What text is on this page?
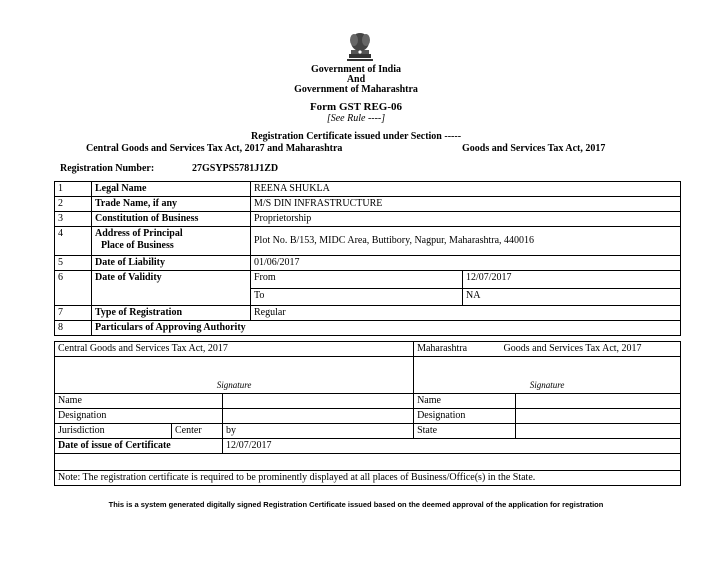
Government of India
And
Government of Maharashtra
Form GST REG-06
[See Rule ----]
Registration Certificate issued under Section -----
Central Goods and Services Tax Act, 2017 and Maharashtra	Goods and Services Tax Act, 2017
Registration Number:	27GSYPS5781J1ZD
1	Legal Name	REENA SHUKLA	
2	Trade Name, if any	M/S DIN INFRASTRUCTURE	
3	Constitution of Business	Proprietorship	
4	Address of Principal
Place of Business	Plot No. B/153, MIDC Area, Buttibory, Nagpur, Maharashtra, 440016	
5	Date of Liability	01/06/2017	
6	Date of Validity	From	12/07/2017
		To	NA
7	Type of Registration	Regular	
8	Particulars of Approving Authority		
Central Goods and Services Tax Act, 2017			Maharashtra Goods and Services Tax Act, 2017	
Signature			Signature	
Name			Name	
Designation			Designation	
Jurisdiction	Center	by	State	
Date of issue of Certificate		12/07/2017		

Note: The registration certificate is required to be prominently displayed at all places of Business/Office(s) in the State.				
This is a system generated digitally signed Registration Certificate issued based on the deemed approval of the application for registration
